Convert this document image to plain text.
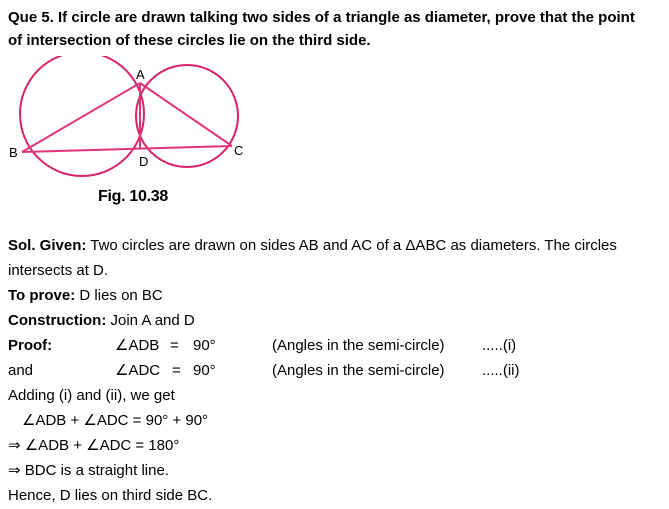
Que 5. If circle are drawn talking two sides of a triangle as diameter, prove that the point
of intersection of these circles lie on the third side.
A
B	C
D
Fig. 10.38
Sol. Given: Two circles are drawn on sides AB and AC of a ΔABC as diameters. The circles
intersects at D.
To prove: D lies on BC
Construction: Join A and D
Proof:	∠ADB = 90°	(Angles in the semi-circle) .....(i)
and	∠ADC = 90°	(Angles in the semi-circle) .....(ii)
Adding (i) and (ii), we get
∠ADB + ∠ADC = 90° + 90°
⇒ ∠ADB + ∠ADC = 180°
⇒ BDC is a straight line.
Hence, D lies on third side BC.
